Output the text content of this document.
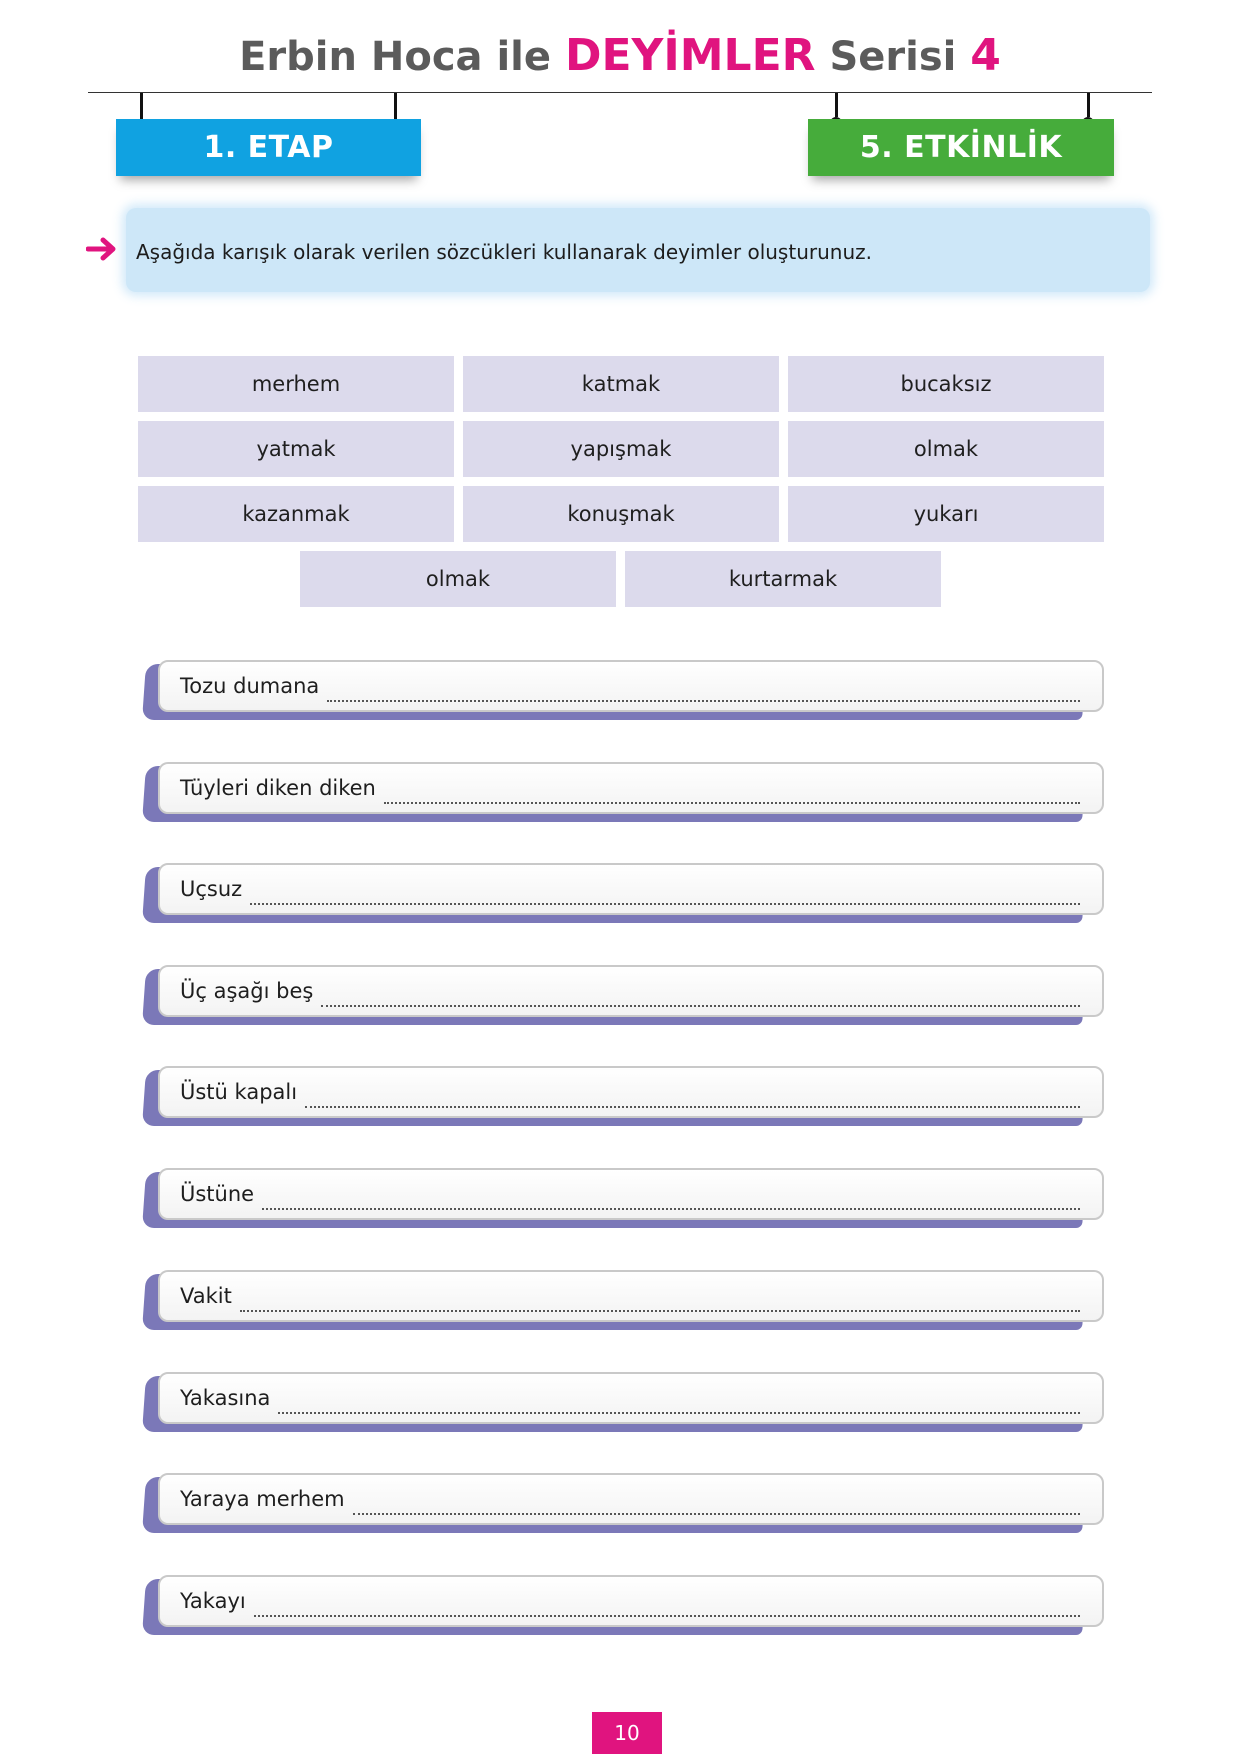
Erbin Hoca ile DEYİMLER Serisi 4
1. ETAP	5. ETKİNLİK
Aşağıda karışık olarak verilen sözcükleri kullanarak deyimler oluşturunuz.
merhem	katmak	bucaksız
yatmak	yapışmak	olmak
kazanmak	konuşmak	yukarı
olmak	kurtarmak
Tozu dumana
Tüyleri diken diken
Uçsuz
Üç aşağı beş
Üstü kapalı
Üstüne
Vakit
Yakasına
Yaraya merhem
Yakayı
10
